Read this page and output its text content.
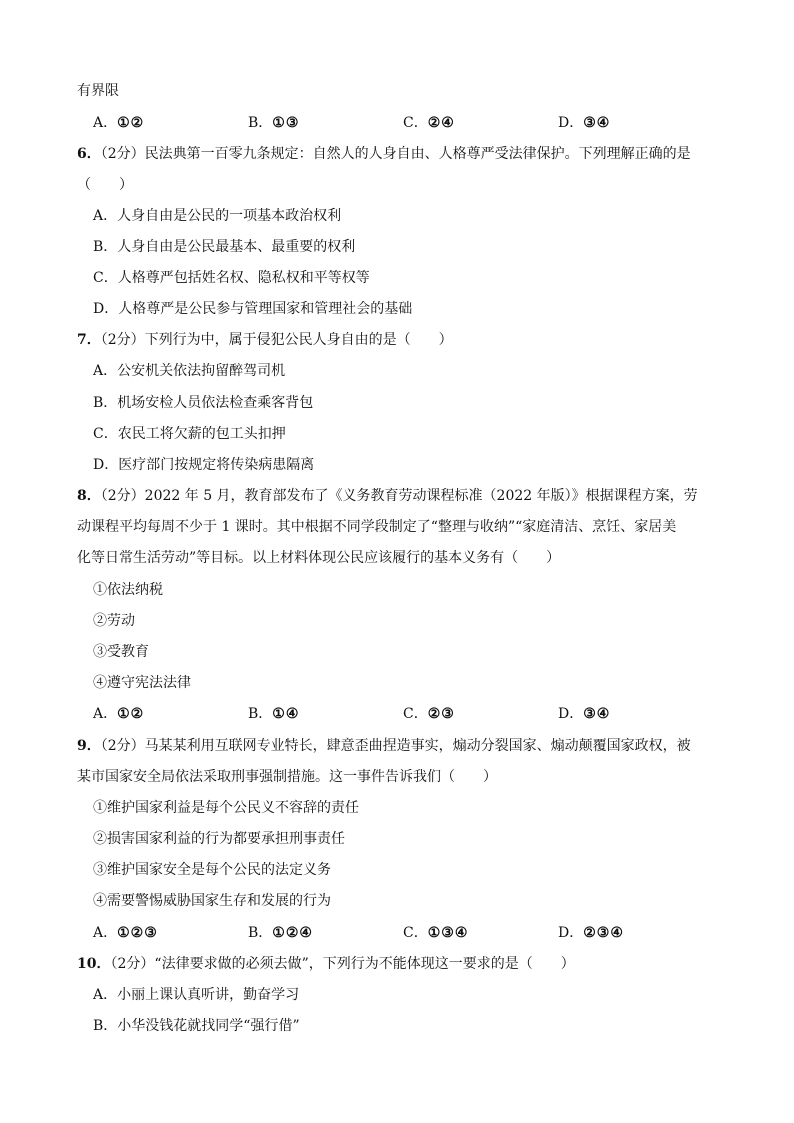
有界限
A．①②	B．①③	C．②④	D．③④
6．（2分）民法典第一百零九条规定：自然人的人身自由、人格尊严受法律保护。下列理解正确的是
（　　）
A．人身自由是公民的一项基本政治权利
B．人身自由是公民最基本、最重要的权利
C．人格尊严包括姓名权、隐私权和平等权等
D．人格尊严是公民参与管理国家和管理社会的基础
7．（2分）下列行为中，属于侵犯公民人身自由的是（　　）
A．公安机关依法拘留醉驾司机
B．机场安检人员依法检查乘客背包
C．农民工将欠薪的包工头扣押
D．医疗部门按规定将传染病患隔离
8．（2分）2022 年 5 月，教育部发布了《义务教育劳动课程标准（2022 年版）》根据课程方案，劳
动课程平均每周不少于 1 课时。其中根据不同学段制定了“整理与收纳”“家庭清洁、烹饪、家居美
化等日常生活劳动”等目标。以上材料体现公民应该履行的基本义务有（　　）
①依法纳税
②劳动
③受教育
④遵守宪法法律
A．①②	B．①④	C．②③	D．③④
9．（2分）马某某利用互联网专业特长，肆意歪曲捏造事实，煽动分裂国家、煽动颠覆国家政权，被
某市国家安全局依法采取刑事强制措施。这一事件告诉我们（　　）
①维护国家利益是每个公民义不容辞的责任
②损害国家利益的行为都要承担刑事责任
③维护国家安全是每个公民的法定义务
④需要警惕威胁国家生存和发展的行为
A．①②③	B．①②④	C．①③④	D．②③④
10．（2分）“法律要求做的必须去做”，下列行为不能体现这一要求的是（　　）
A．小丽上课认真听讲，勤奋学习
B．小华没钱花就找同学“强行借”
